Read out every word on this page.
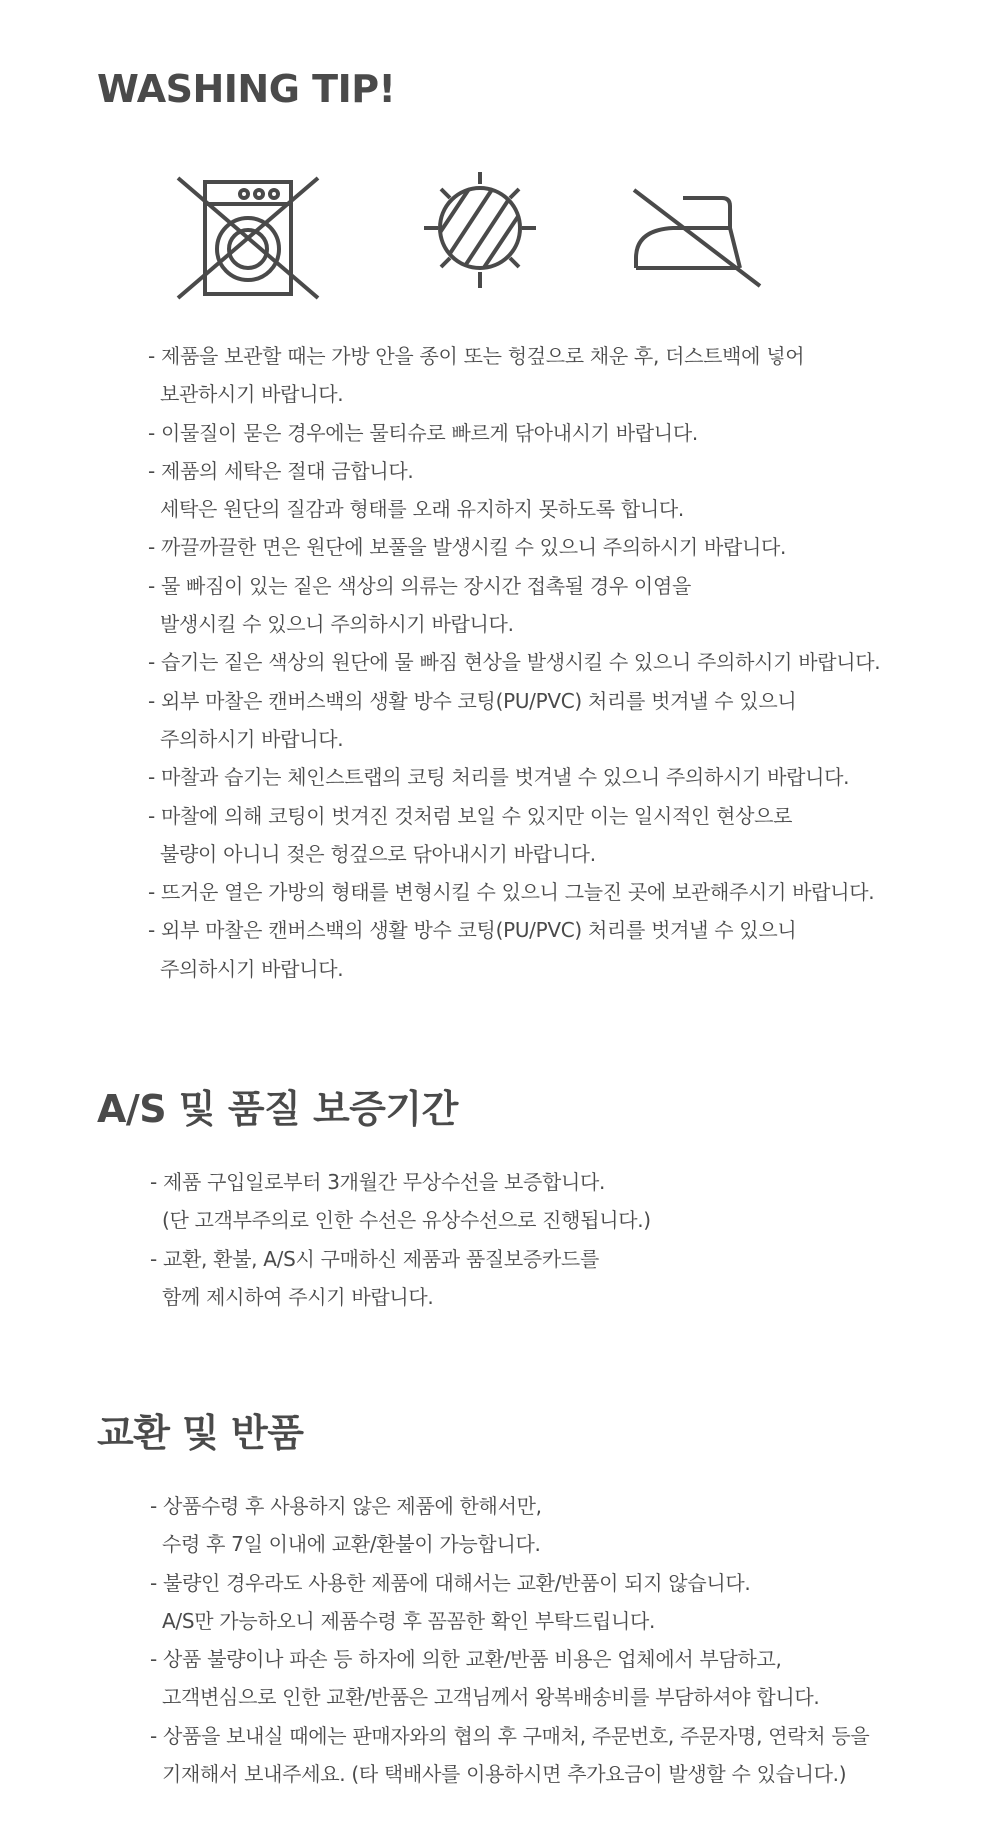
WASHING TIP!
- 제품을 보관할 때는 가방 안을 종이 또는 헝겊으로 채운 후, 더스트백에 넣어
보관하시기 바랍니다.
- 이물질이 묻은 경우에는 물티슈로 빠르게 닦아내시기 바랍니다.
- 제품의 세탁은 절대 금합니다.
세탁은 원단의 질감과 형태를 오래 유지하지 못하도록 합니다.
- 까끌까끌한 면은 원단에 보풀을 발생시킬 수 있으니 주의하시기 바랍니다.
- 물 빠짐이 있는 짙은 색상의 의류는 장시간 접촉될 경우 이염을
발생시킬 수 있으니 주의하시기 바랍니다.
- 습기는 짙은 색상의 원단에 물 빠짐 현상을 발생시킬 수 있으니 주의하시기 바랍니다.
- 외부 마찰은 캔버스백의 생활 방수 코팅(PU/PVC) 처리를 벗겨낼 수 있으니
주의하시기 바랍니다.
- 마찰과 습기는 체인스트랩의 코팅 처리를 벗겨낼 수 있으니 주의하시기 바랍니다.
- 마찰에 의해 코팅이 벗겨진 것처럼 보일 수 있지만 이는 일시적인 현상으로
불량이 아니니 젖은 헝겊으로 닦아내시기 바랍니다.
- 뜨거운 열은 가방의 형태를 변형시킬 수 있으니 그늘진 곳에 보관해주시기 바랍니다.
- 외부 마찰은 캔버스백의 생활 방수 코팅(PU/PVC) 처리를 벗겨낼 수 있으니
주의하시기 바랍니다.
A/S 및 품질 보증기간
- 제품 구입일로부터 3개월간 무상수선을 보증합니다.
(단 고객부주의로 인한 수선은 유상수선으로 진행됩니다.)
- 교환, 환불, A/S시 구매하신 제품과 품질보증카드를
함께 제시하여 주시기 바랍니다.
교환 및 반품
- 상품수령 후 사용하지 않은 제품에 한해서만,
수령 후 7일 이내에 교환/환불이 가능합니다.
- 불량인 경우라도 사용한 제품에 대해서는 교환/반품이 되지 않습니다.
A/S만 가능하오니 제품수령 후 꼼꼼한 확인 부탁드립니다.
- 상품 불량이나 파손 등 하자에 의한 교환/반품 비용은 업체에서 부담하고,
고객변심으로 인한 교환/반품은 고객님께서 왕복배송비를 부담하셔야 합니다.
- 상품을 보내실 때에는 판매자와의 협의 후 구매처, 주문번호, 주문자명, 연락처 등을
기재해서 보내주세요. (타 택배사를 이용하시면 추가요금이 발생할 수 있습니다.)
